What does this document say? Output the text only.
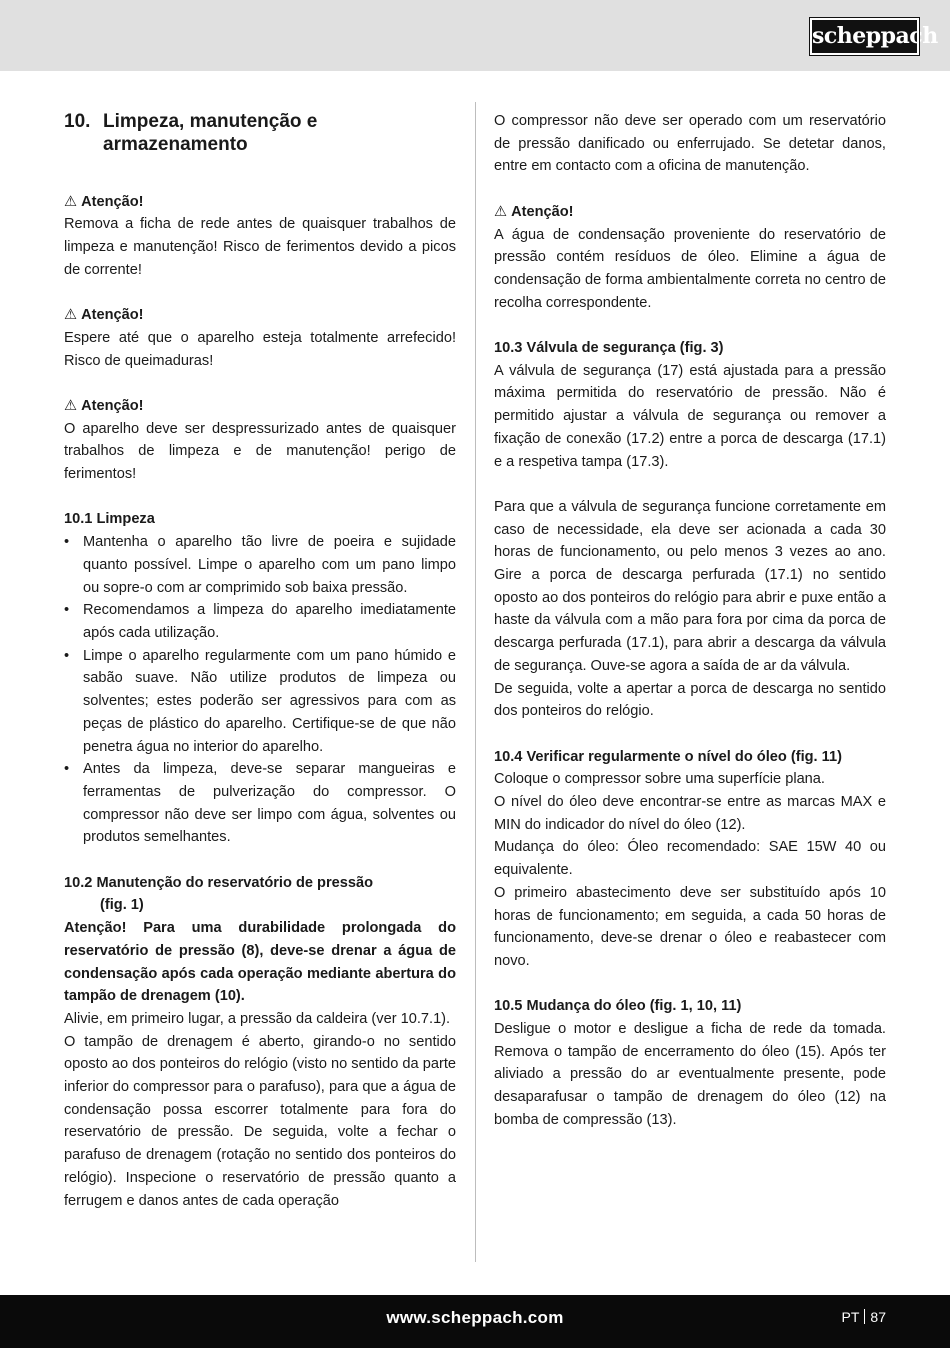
scheppach
10. Limpeza, manutenção e armazenamento

⚠ Atenção!

Remova a ficha de rede antes de quaisquer trabalhos de limpeza e manutenção! Risco de ferimentos devido a picos de corrente!

⚠ Atenção!

Espere até que o aparelho esteja totalmente arrefecido! Risco de queimaduras!

⚠ Atenção!

O aparelho deve ser despressurizado antes de quaisquer trabalhos de limpeza e de manutenção! perigo de ferimentos!

10.1 Limpeza

• Mantenha o aparelho tão livre de poeira e sujidade quanto possível. Limpe o aparelho com um pano limpo ou sopre-o com ar comprimido sob baixa pressão.
• Recomendamos a limpeza do aparelho imediatamente após cada utilização.
• Limpe o aparelho regularmente com um pano húmido e sabão suave. Não utilize produtos de limpeza ou solventes; estes poderão ser agressivos para com as peças de plástico do aparelho. Certifique-se de que não penetra água no interior do aparelho.
• Antes da limpeza, deve-se separar mangueiras e ferramentas de pulverização do compressor. O compressor não deve ser limpo com água, solventes ou produtos semelhantes.

10.2 Manutenção do reservatório de pressão

(fig. 1)

Atenção! Para uma durabilidade prolongada do reservatório de pressão (8), deve-se drenar a água de condensação após cada operação mediante abertura do tampão de drenagem (10).

Alivie, em primeiro lugar, a pressão da caldeira (ver 10.7.1).

O tampão de drenagem é aberto, girando-o no sentido oposto ao dos ponteiros do relógio (visto no sentido da parte inferior do compressor para o parafuso), para que a água de condensação possa escorrer totalmente para fora do reservatório de pressão. De seguida, volte a fechar o parafuso de drenagem (rotação no sentido dos ponteiros do relógio). Inspecione o reservatório de pressão quanto a ferrugem e danos antes de cada operação

O compressor não deve ser operado com um reservatório de pressão danificado ou enferrujado. Se detetar danos, entre em contacto com a oficina de manutenção.

⚠ Atenção!

A água de condensação proveniente do reservatório de pressão contém resíduos de óleo. Elimine a água de condensação de forma ambientalmente correta no centro de recolha correspondente.

10.3 Válvula de segurança (fig. 3)

A válvula de segurança (17) está ajustada para a pressão máxima permitida do reservatório de pressão. Não é permitido ajustar a válvula de segurança ou remover a fixação de conexão (17.2) entre a porca de descarga (17.1) e a respetiva tampa (17.3).

Para que a válvula de segurança funcione corretamente em caso de necessidade, ela deve ser acionada a cada 30 horas de funcionamento, ou pelo menos 3 vezes ao ano. Gire a porca de descarga perfurada (17.1) no sentido oposto ao dos ponteiros do relógio para abrir e puxe então a haste da válvula com a mão para fora por cima da porca de descarga perfurada (17.1), para abrir a descarga da válvula de segurança. Ouve-se agora a saída de ar da válvula.

De seguida, volte a apertar a porca de descarga no sentido dos ponteiros do relógio.

10.4 Verificar regularmente o nível do óleo (fig. 11)

Coloque o compressor sobre uma superfície plana.

O nível do óleo deve encontrar-se entre as marcas MAX e MIN do indicador do nível do óleo (12).

Mudança do óleo: Óleo recomendado: SAE 15W 40 ou equivalente.

O primeiro abastecimento deve ser substituído após 10 horas de funcionamento; em seguida, a cada 50 horas de funcionamento, deve-se drenar o óleo e reabastecer com novo.

10.5 Mudança do óleo (fig. 1, 10, 11)

Desligue o motor e desligue a ficha de rede da tomada. Remova o tampão de encerramento do óleo (15). Após ter aliviado a pressão do ar eventualmente presente, pode desaparafusar o tampão de drenagem do óleo (12) na bomba de compressão (13).

www.scheppach.com	PT 87
